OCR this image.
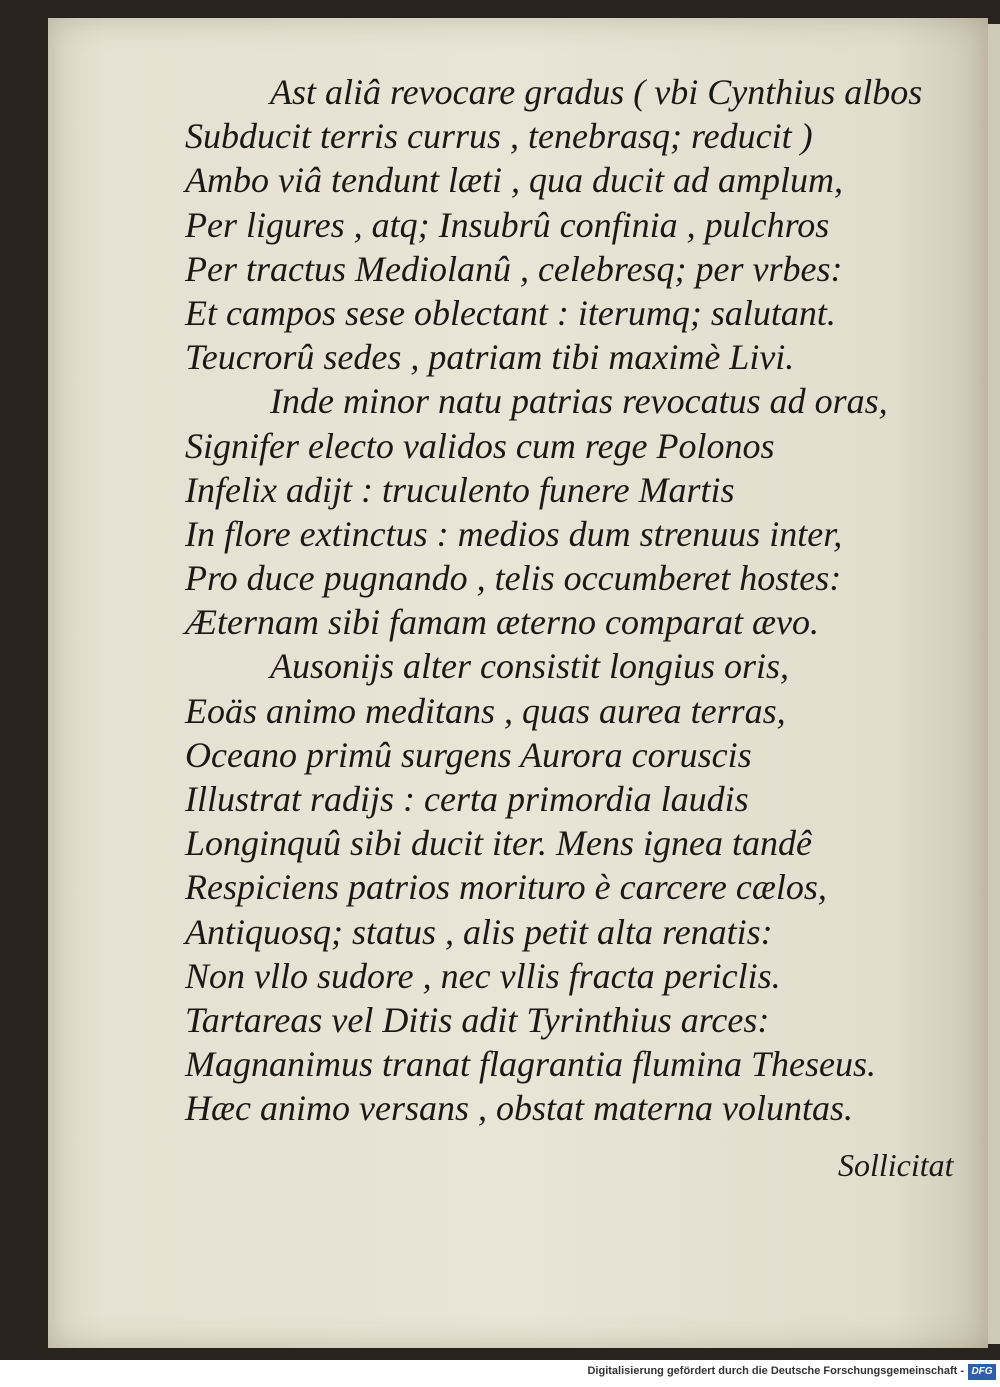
Ast aliâ revocare gradus ( vbi Cynthius albos
Subducit terris currus , tenebrasq; reducit )
Ambo viâ tendunt læti , qua ducit ad amplum,
Per ligures , atq; Insubrû confinia , pulchros
Per tractus Mediolanû , celebresq; per vrbes:
Et campos sese oblectant : iterumq; salutant.
Teucrorû sedes , patriam tibi maximè Livi.
Inde minor natu patrias revocatus ad oras,
Signifer electo validos cum rege Polonos
Infelix adijt : truculento funere Martis
In flore extinctus : medios dum strenuus inter,
Pro duce pugnando , telis occumberet hostes:
Æternam sibi famam æterno comparat ævo.
Ausonijs alter consistit longius oris,
Eoäs animo meditans , quas aurea terras,
Oceano primû surgens Aurora coruscis
Illustrat radijs : certa primordia laudis
Longinquû sibi ducit iter. Mens ignea tandê
Respiciens patrios morituro è carcere cælos,
Antiquosq; status , alis petit alta renatis:
Non vllo sudore , nec vllis fracta periclis.
Tartareas vel Ditis adit Tyrinthius arces:
Magnanimus tranat flagrantia flumina Theseus.
Hæc animo versans , obstat materna voluntas.
Sollicitat
Digitalisierung gefördert durch die Deutsche Forschungsgemeinschaft - DFG
